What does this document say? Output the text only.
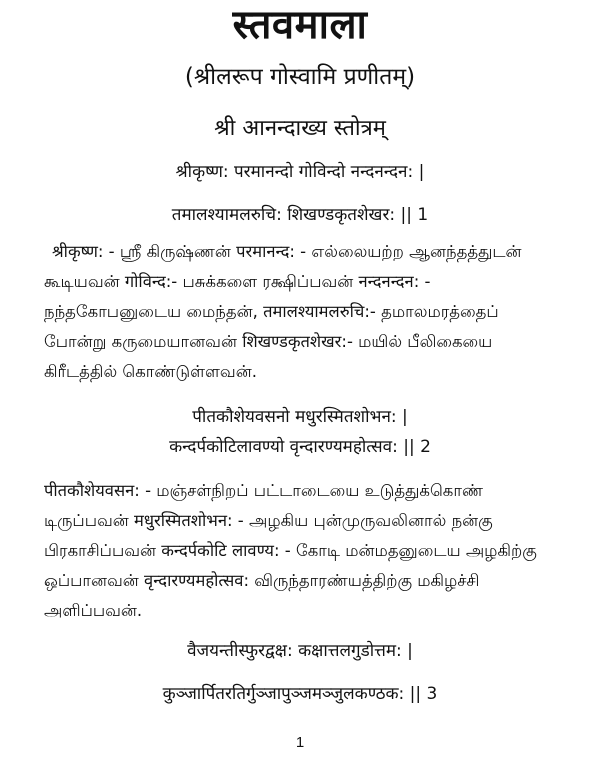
स्तवमाला
(श्रीलरूप गोस्वामि प्रणीतम्)
श्री आनन्दाख्य स्तोत्रम्
श्रीकृष्ण: परमानन्दो गोविन्दो नन्दनन्दन: |
तमालश्यामलरुचि: शिखण्डकृतशेखर: || 1
श्रीकृष्ण: - ஸ்ரீ கிருஷ்ணன் परमानन्द: - எல்லையற்ற ஆனந்தத்துடன்
கூடியவன் गोविन्द:- பசுக்களை ரக்ஷிப்பவன் नन्दनन्दन: -
நந்தகோபனுடைய மைந்தன், तमालश्यामलरुचि:- தமாலமரத்தைப்
போன்று கருமையானவன் शिखण्डकृतशेखर:- மயில் பீலிகையை
கிரீடத்தில் கொண்டுள்ளவன்.
पीतकौशेयवसनो मधुरस्मितशोभन: |
कन्दर्पकोटिलावण्यो वृन्दारण्यमहोत्सव: || 2
पीतकौशेयवसन: - மஞ்சள்நிறப் பட்டாடையை உடுத்துக்கொண்
டிருப்பவன் मधुरस्मितशोभन: - அழகிய புன்முருவலினால் நன்கு
பிரகாசிப்பவன் कन्दर्पकोटि लावण्य: - கோடி மன்மதனுடைய அழகிற்கு
ஒப்பானவன் वृन्दारण्यमहोत्सव: விருந்தாரண்யத்திற்கு மகிழச்சி
அளிப்பவன்.
वैजयन्तीस्फुरद्वक्ष: कक्षात्तलगुडोत्तम: |
कुञ्जार्पितरतिर्गुञ्जापुञ्जमञ्जुलकण्ठक: || 3
1
